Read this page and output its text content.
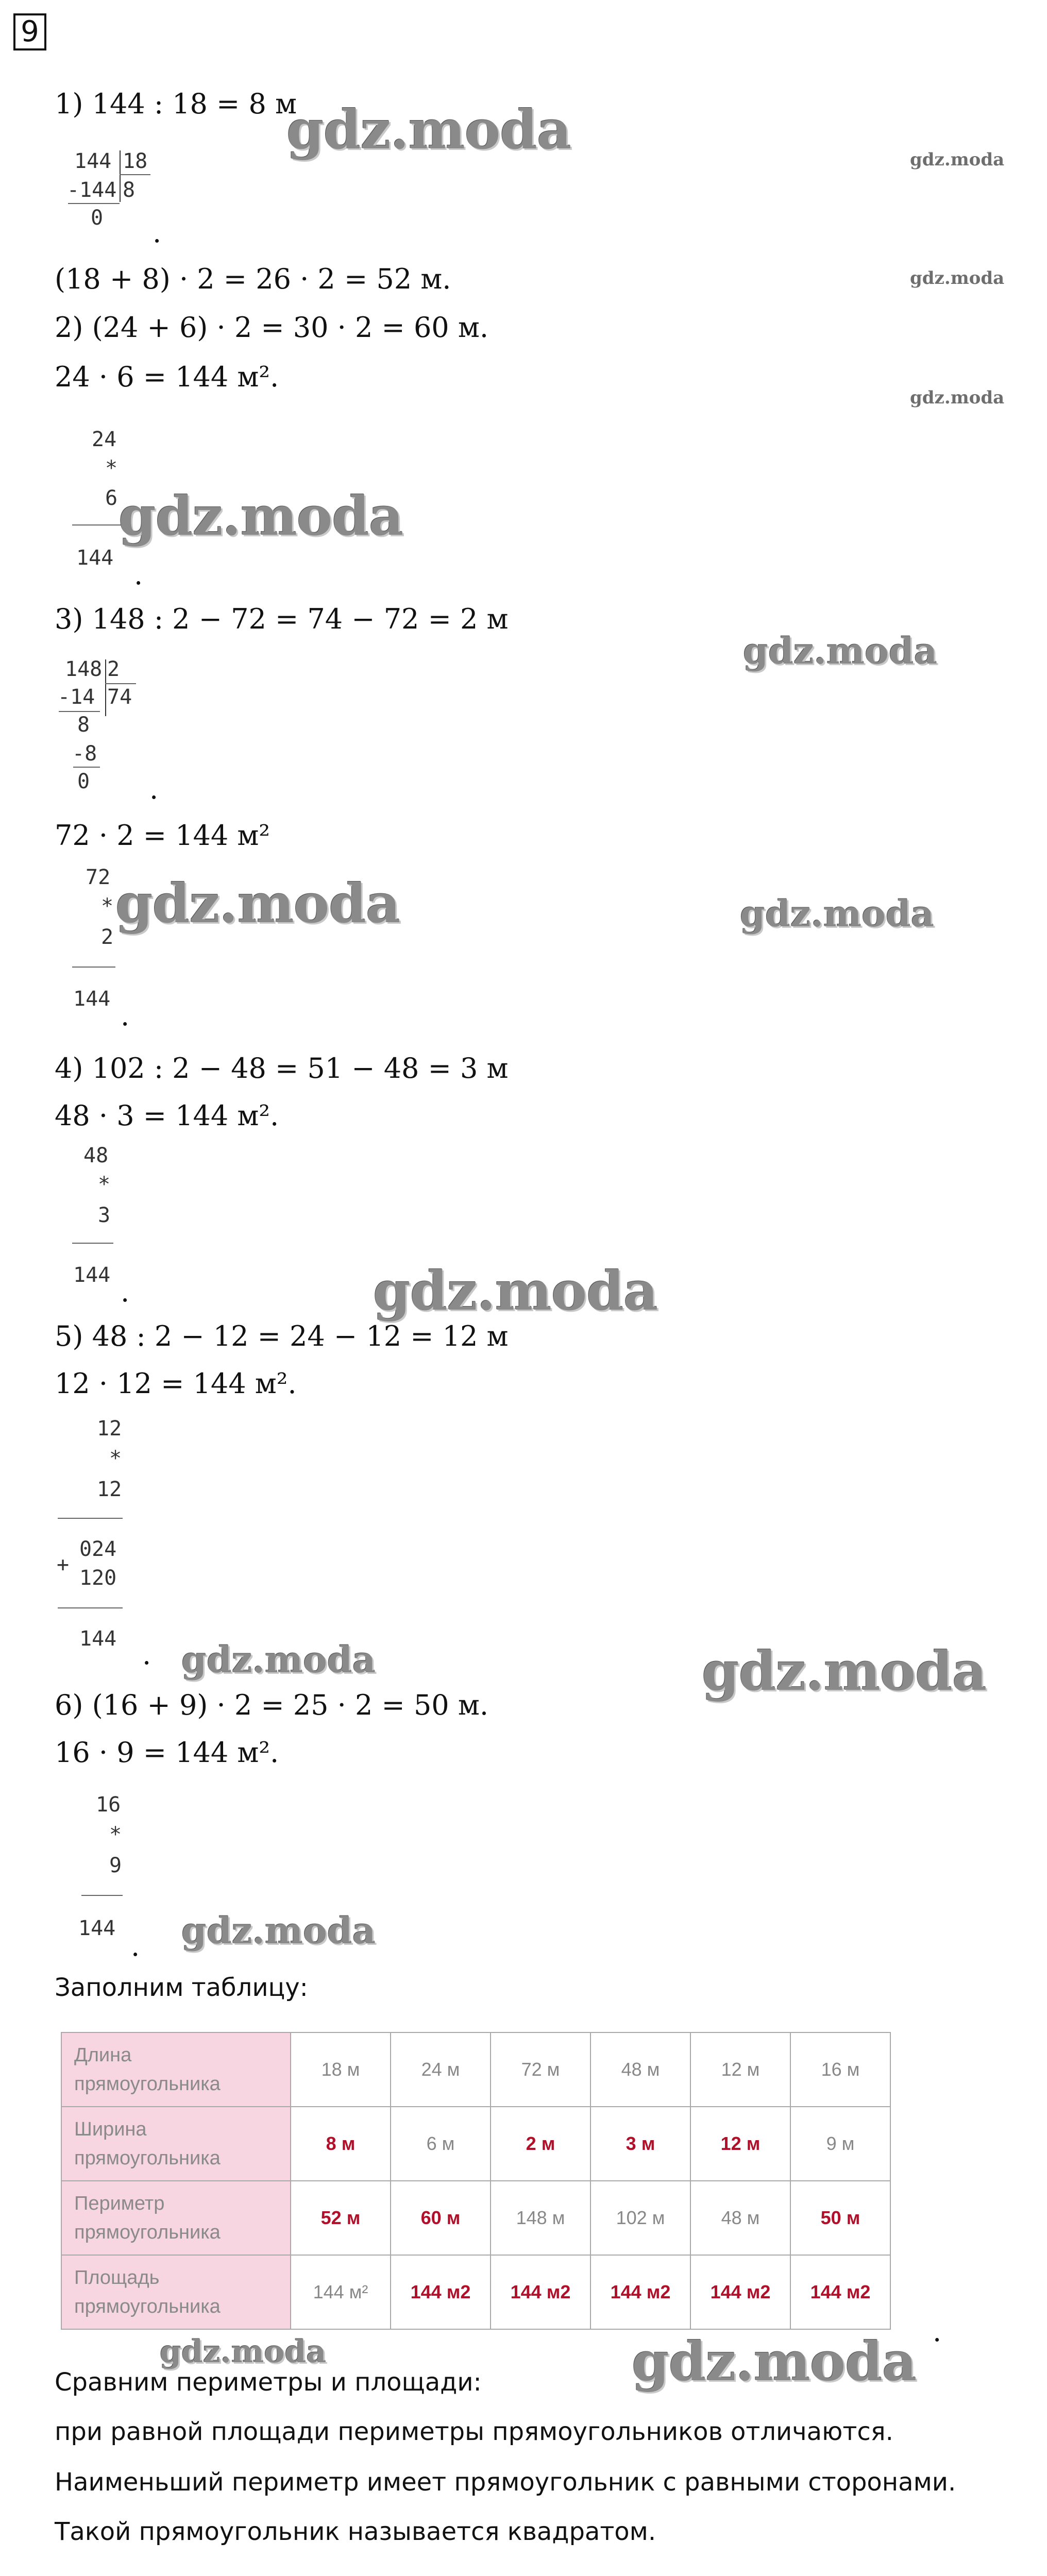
9
1) 144 : 18 = 8 м
gdz.moda	gdz.moda
144 18
-144 8
0 .
(18 + 8) · 2 = 26 · 2 = 52 м.	gdz.moda
2) (24 + 6) · 2 = 30 · 2 = 60 м.
24 · 6 = 144 м².
gdz.moda
24
*
6
144
.
gdz.moda
3) 148 : 2 − 72 = 74 − 72 = 2 м
gdz.moda
148 2
-14 74
8
-8
0 .
72 · 2 = 144 м²
72
*
2
144
.
gdz.moda	gdz.moda
4) 102 : 2 − 48 = 51 − 48 = 3 м
48 · 3 = 144 м².
48
*
3
144
.	gdz.moda
5) 48 : 2 − 12 = 24 − 12 = 12 м
12 · 12 = 144 м².
12
*
12
024
+
120
144 . gdz.moda	gdz.moda
6) (16 + 9) · 2 = 25 · 2 = 50 м.
16 · 9 = 144 м².
16
*
9
144
. gdz.moda
Заполним таблицу:
Длина
прямоугольника	18 м	24 м	72 м	48 м	12 м	16 м

Ширина
прямоугольника	8 м	6 м	2 м	3 м	12 м	9 м

Периметр
прямоугольника	52 м	60 м	148 м	102 м	48 м	50 м

Площадь
прямоугольника	144 м²	144 м2	144 м2	144 м2	144 м2	144 м2
.
gdz.moda
Сравним периметры и площади:	gdz.moda
при равной площади периметры прямоугольников отличаются.
Наименьший периметр имеет прямоугольник с равными сторонами.
Такой прямоугольник называется квадратом.
